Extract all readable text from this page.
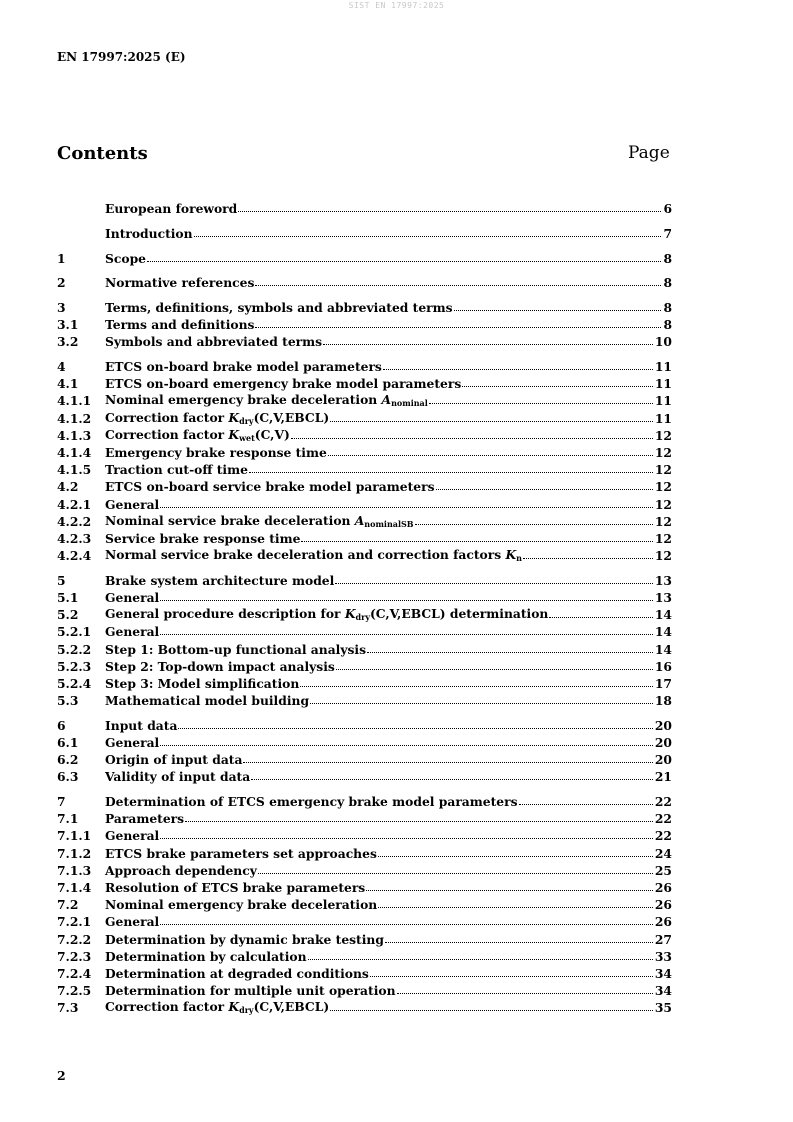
SIST EN 17997:2025
EN 17997:2025 (E)
Contents	Page
European foreword	6
Introduction	7
1	Scope	8
2	Normative references	8
3	Terms, definitions, symbols and abbreviated terms	8
3.1	Terms and definitions	8
3.2	Symbols and abbreviated terms	10
4	ETCS on-board brake model parameters	11
4.1	ETCS on-board emergency brake model parameters	11
4.1.1	Nominal emergency brake deceleration $A_{nominal}$	11
4.1.2	Correction factor $K_{dry}(C,V,EBCL)$	11
4.1.3	Correction factor $K_{wet}(C,V)$	12
4.1.4	Emergency brake response time	12
4.1.5	Traction cut-off time	12
4.2	ETCS on-board service brake model parameters	12
4.2.1	General	12
4.2.2	Nominal service brake deceleration $A_{nominalSB}$	12
4.2.3	Service brake response time	12
4.2.4	Normal service brake deceleration and correction factors $K_n$	12
5	Brake system architecture model	13
5.1	General	13
5.2	General procedure description for $K_{dry}(C,V,EBCL)$ determination	14
5.2.1	General	14
5.2.2	Step 1: Bottom-up functional analysis	14
5.2.3	Step 2: Top-down impact analysis	16
5.2.4	Step 3: Model simplification	17
5.3	Mathematical model building	18
6	Input data	20
6.1	General	20
6.2	Origin of input data	20
6.3	Validity of input data	21
7	Determination of ETCS emergency brake model parameters	22
7.1	Parameters	22
7.1.1	General	22
7.1.2	ETCS brake parameters set approaches	24
7.1.3	Approach dependency	25
7.1.4	Resolution of ETCS brake parameters	26
7.2	Nominal emergency brake deceleration	26
7.2.1	General	26
7.2.2	Determination by dynamic brake testing	27
7.2.3	Determination by calculation	33
7.2.4	Determination at degraded conditions	34
7.2.5	Determination for multiple unit operation	34
7.3	Correction factor $K_{dry}(C,V,EBCL)$	35
2
